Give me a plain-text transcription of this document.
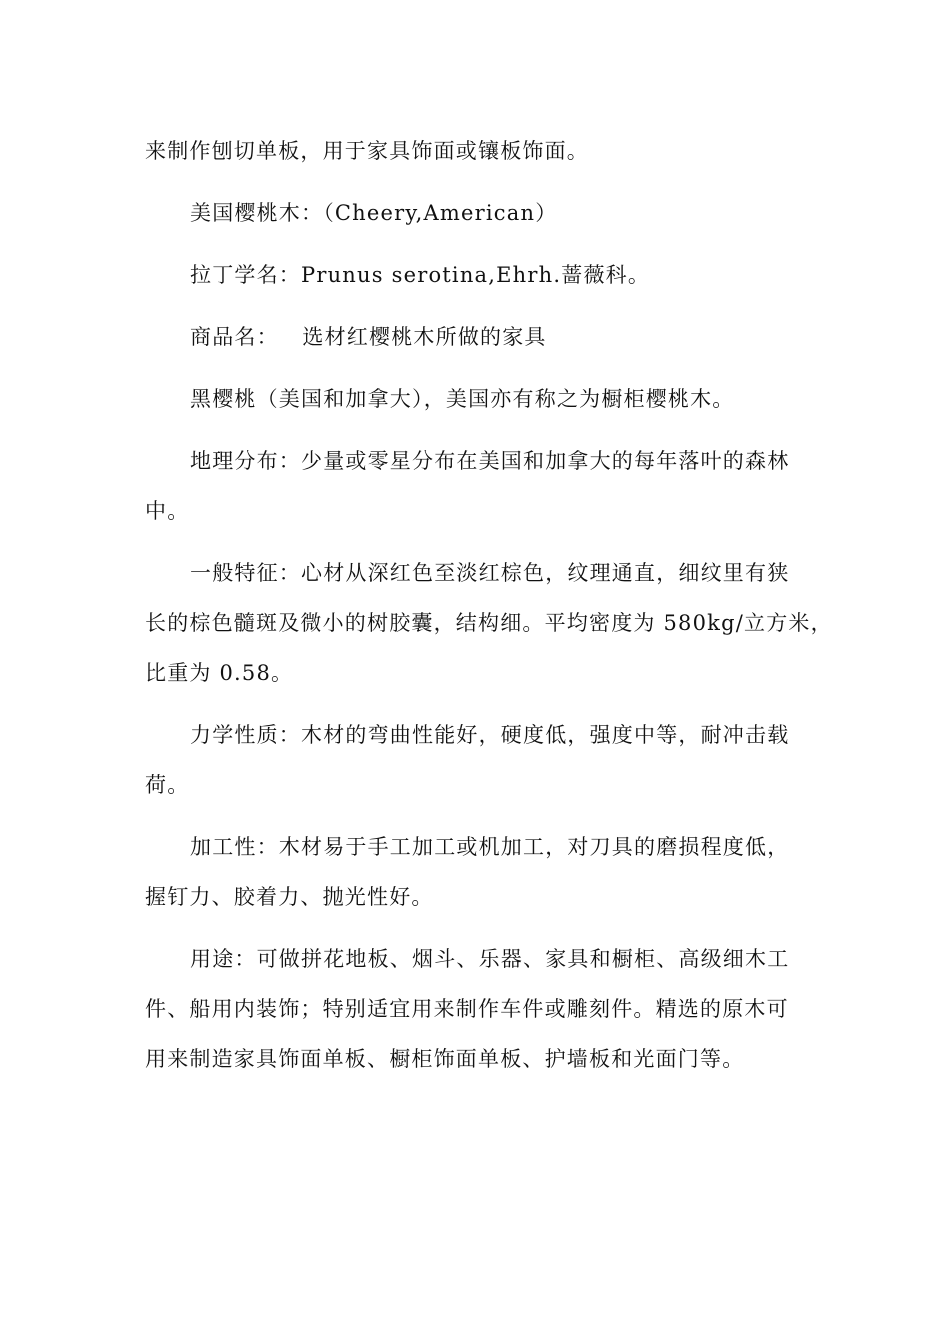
来制作刨切单板，用于家具饰面或镶板饰面。
美国樱桃木：（Cheery,American）
拉丁学名：Prunus serotina,Ehrh.蔷薇科。
商品名：   选材红樱桃木所做的家具
黑樱桃（美国和加拿大），美国亦有称之为橱柜樱桃木。
地理分布：少量或零星分布在美国和加拿大的每年落叶的森林
中。
一般特征：心材从深红色至淡红棕色，纹理通直，细纹里有狭
长的棕色髓斑及微小的树胶囊，结构细。平均密度为 580kg/立方米，
比重为 0.58。
力学性质：木材的弯曲性能好，硬度低，强度中等，耐冲击载
荷。
加工性：木材易于手工加工或机加工，对刀具的磨损程度低，
握钉力、胶着力、抛光性好。
用途：可做拼花地板、烟斗、乐器、家具和橱柜、高级细木工
件、船用内装饰；特别适宜用来制作车件或雕刻件。精选的原木可
用来制造家具饰面单板、橱柜饰面单板、护墙板和光面门等。
